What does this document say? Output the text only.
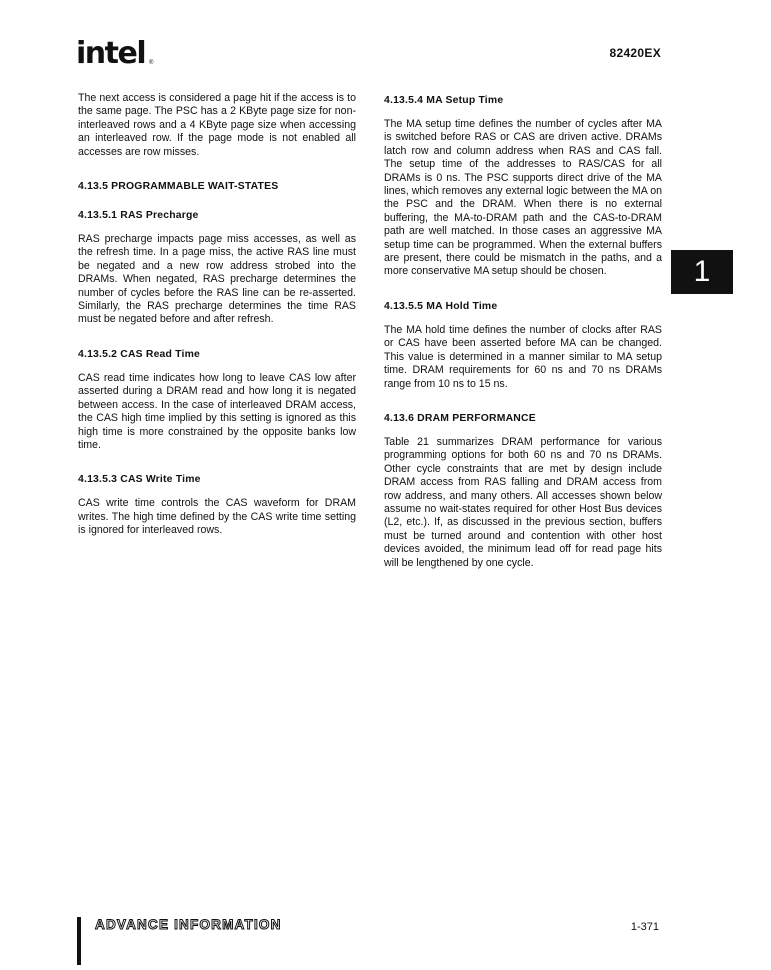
intel ®
82420EX

The next access is considered a page hit if the access is to the same page. The PSC has a 2 KByte page size for non-interleaved rows and a 4 KByte page size when accessing an interleaved row. If the page mode is not enabled all accesses are row misses.

4.13.5 PROGRAMMABLE WAIT-STATES
4.13.5.1 RAS Precharge

RAS precharge impacts page miss accesses, as well as the refresh time. In a page miss, the active RAS line must be negated and a new row address strobed into the DRAMs. When negated, RAS precharge determines the number of cycles before the RAS line can be re-asserted. Similarly, the RAS precharge determines the time RAS must be negated before and after refresh.

4.13.5.2 CAS Read Time

CAS read time indicates how long to leave CAS low after asserted during a DRAM read and how long it is negated between access. In the case of interleaved DRAM access, the CAS high time implied by this setting is ignored as this high time is more constrained by the opposite banks low time.

4.13.5.3 CAS Write Time

CAS write time controls the CAS waveform for DRAM writes. The high time defined by the CAS write time setting is ignored for interleaved rows.

4.13.5.4 MA Setup Time

The MA setup time defines the number of cycles after MA is switched before RAS or CAS are driven active. DRAMs latch row and column address when RAS and CAS fall. The setup time of the addresses to RAS/CAS for all DRAMs is 0 ns. The PSC supports direct drive of the MA lines, which removes any external logic between the MA on the PSC and the DRAM. When there is no external buffering, the MA-to-DRAM path and the CAS-to-DRAM path are well matched. In those cases an aggressive MA setup time can be programmed. When the external buffers are present, there could be mismatch in the paths, and a more conservative MA setup should be chosen.

4.13.5.5 MA Hold Time

The MA hold time defines the number of clocks after RAS or CAS have been asserted before MA can be changed. This value is determined in a manner similar to MA setup time. DRAM requirements for 60 ns and 70 ns DRAMs range from 10 ns to 15 ns.

4.13.6 DRAM PERFORMANCE

Table 21 summarizes DRAM performance for various programming options for both 60 ns and 70 ns DRAMs. Other cycle constraints that are met by design include DRAM access from RAS falling and DRAM access from row address, and many others. All accesses shown below assume no wait-states required for other Host Bus devices (L2, etc.). If, as discussed in the previous section, buffers must be turned around and contention with other host devices avoided, the minimum lead off for read page hits will be lengthened by one cycle.

1
ADVANCE INFORMATION	1-371
